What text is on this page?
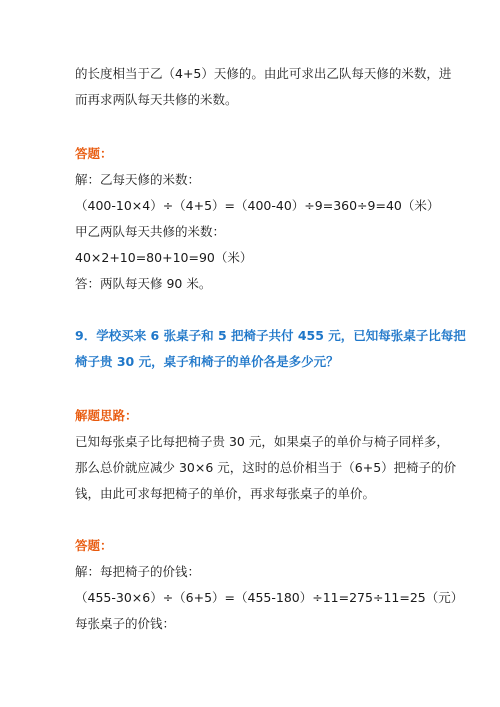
的长度相当于乙（4+5）天修的。由此可求出乙队每天修的米数，进
而再求两队每天共修的米数。
答题：
解：乙每天修的米数：
（400-10×4）÷（4+5）=（400-40）÷9=360÷9=40（米）
甲乙两队每天共修的米数：
40×2+10=80+10=90（米）
答：两队每天修 90 米。
9．学校买来 6 张桌子和 5 把椅子共付 455 元，已知每张桌子比每把
椅子贵 30 元，桌子和椅子的单价各是多少元？
解题思路：
已知每张桌子比每把椅子贵 30 元，如果桌子的单价与椅子同样多，
那么总价就应减少 30×6 元，这时的总价相当于（6+5）把椅子的价
钱，由此可求每把椅子的单价，再求每张桌子的单价。
答题：
解：每把椅子的价钱：
（455-30×6）÷（6+5）=（455-180）÷11=275÷11=25（元）
每张桌子的价钱：
